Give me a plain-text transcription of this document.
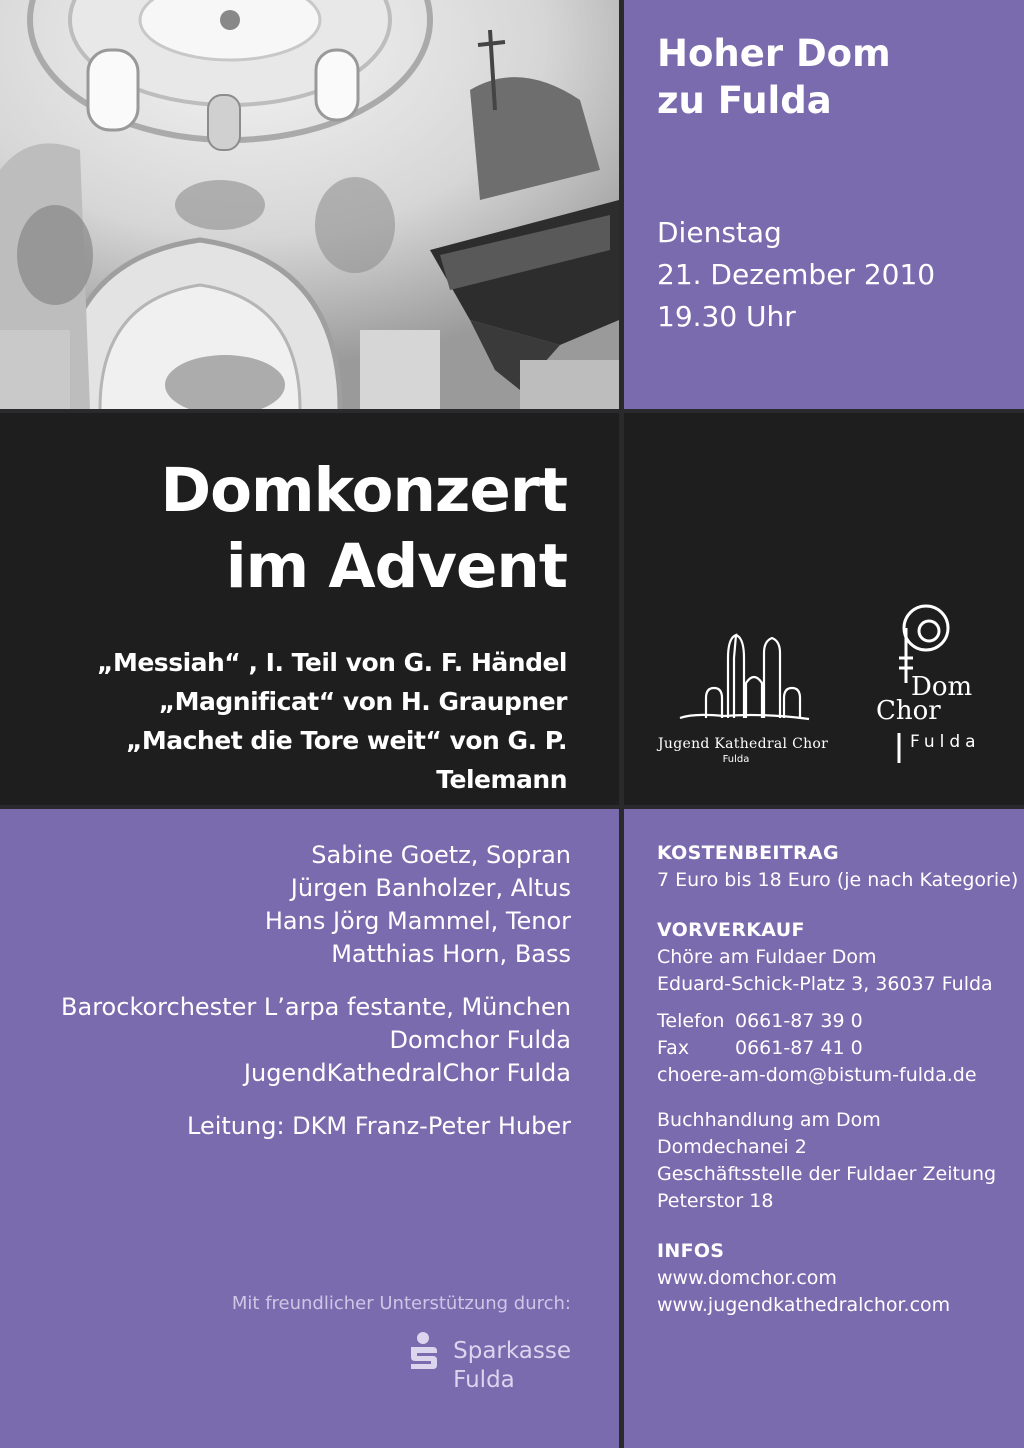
Hoher Dom
zu Fulda
Dienstag
21. Dezember 2010
19.30 Uhr
Domkonzert
im Advent
„Messiah“ , I. Teil von G. F. Händel
„Magnificat“ von H. Graupner
„Machet die Tore weit“ von G. P. Telemann
Jugend Kathedral Chor
Fulda
Dom
Chor
Fulda
Sabine Goetz, Sopran
Jürgen Banholzer, Altus
Hans Jörg Mammel, Tenor
Matthias Horn, Bass
Barockorchester L’arpa festante, München
Domchor Fulda
JugendKathedralChor Fulda
Leitung: DKM Franz-Peter Huber
Mit freundlicher Unterstützung durch:
Sparkasse
Fulda
KOSTENBEITRAG

7 Euro bis 18 Euro (je nach Kategorie)

VORVERKAUF

Chöre am Fuldaer Dom

Eduard-Schick-Platz 3, 36037 Fulda

Telefon 0661-87 39 0
Fax	0661-87 41 0

choere-am-dom@bistum-fulda.de

Buchhandlung am Dom

Domdechanei 2

Geschäftsstelle der Fuldaer Zeitung

Peterstor 18

INFOS

www.domchor.com

www.jugendkathedralchor.com
